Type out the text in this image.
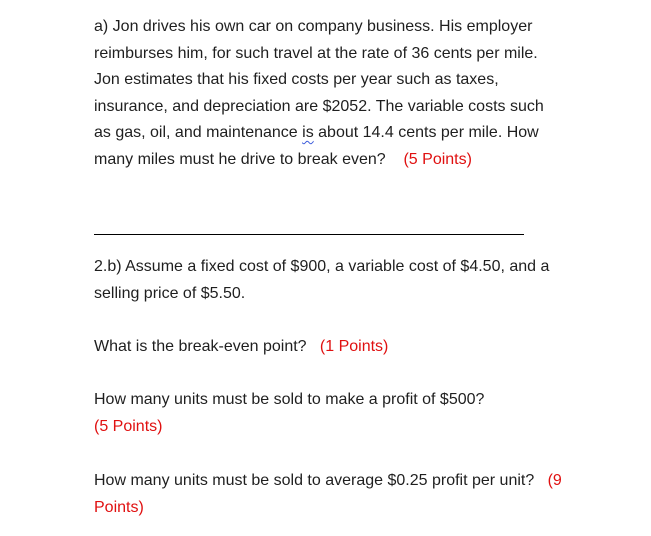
a) Jon drives his own car on company business. His employer reimburses him, for such travel at the rate of 36 cents per mile. Jon estimates that his fixed costs per year such as taxes, insurance, and depreciation are $2052. The variable costs such as gas, oil, and maintenance is about 14.4 cents per mile. How many miles must he drive to break even? (5 Points)

2.b) Assume a fixed cost of $900, a variable cost of $4.50, and a selling price of $5.50.

What is the break-even point? (1 Points)

How many units must be sold to make a profit of $500?
(5 Points)

How many units must be sold to average $0.25 profit per unit? (9 Points)
